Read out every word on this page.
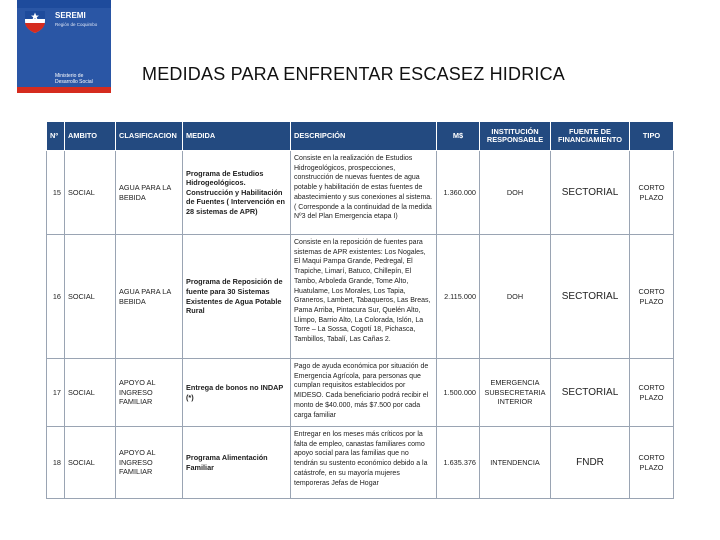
SEREMI
Región de Coquimbo
Ministerio de Desarrollo Social	MEDIDAS PARA ENFRENTAR ESCASEZ HIDRICA
Nº	AMBITO	CLASIFICACION	MEDIDA	DESCRIPCIÓN	M$	INSTITUCIÓN RESPONSABLE	FUENTE DE FINANCIAMIENTO	TIPO
15	SOCIAL	AGUA PARA LA BEBIDA	Programa de Estudios Hidrogeológicos. Construcción y Habilitación de Fuentes ( Intervención en 28 sistemas de APR)	Consiste en la realización de Estudios Hidrogeológicos, prospecciones, construcción de nuevas fuentes de agua potable y habilitación de estas fuentes de abastecimiento y sus conexiones al sistema. ( Corresponde a la continuidad de la medida Nº3 del Plan Emergencia etapa I)	1.360.000	DOH	SECTORIAL	CORTO PLAZO
16	SOCIAL	AGUA PARA LA BEBIDA	Programa de Reposición de fuente para 30 Sistemas Existentes de Agua Potable Rural	Consiste en la reposición de fuentes para sistemas de APR existentes: Los Nogales, El Maqui Pampa Grande, Pedregal, El Trapiche, Limarí, Batuco, Chillepín, El Tambo, Arboleda Grande, Tome Alto, Huatulame, Los Morales, Los Tapia, Graneros, Lambert, Tabaqueros, Las Breas, Pama Arriba, Pintacura Sur, Quelén Alto, Llimpo, Barrio Alto, La Colorada, Islón, La Torre – La Sossa, Cogotí 18, Pichasca, Tambillos, Tabalí, Las Cañas 2.	2.115.000	DOH	SECTORIAL	CORTO PLAZO
17	SOCIAL	APOYO AL INGRESO FAMILIAR	Entrega de bonos no INDAP (*)	Pago de ayuda económica por situación de Emergencia Agrícola, para personas que cumplan requisitos establecidos por MIDESO. Cada beneficiario podrá recibir el monto de $40.000, más $7.500 por cada carga familiar	1.500.000	EMERGENCIA SUBSECRETARIA INTERIOR	SECTORIAL	CORTO PLAZO
18	SOCIAL	APOYO AL INGRESO FAMILIAR	Programa Alimentación Familiar	Entregar en los meses más críticos por la falta de empleo, canastas familiares como apoyo social para las familias que no tendrán su sustento económico debido a la catástrofe, en su mayoría mujeres temporeras Jefas de Hogar	1.635.376	INTENDENCIA	FNDR	CORTO PLAZO
